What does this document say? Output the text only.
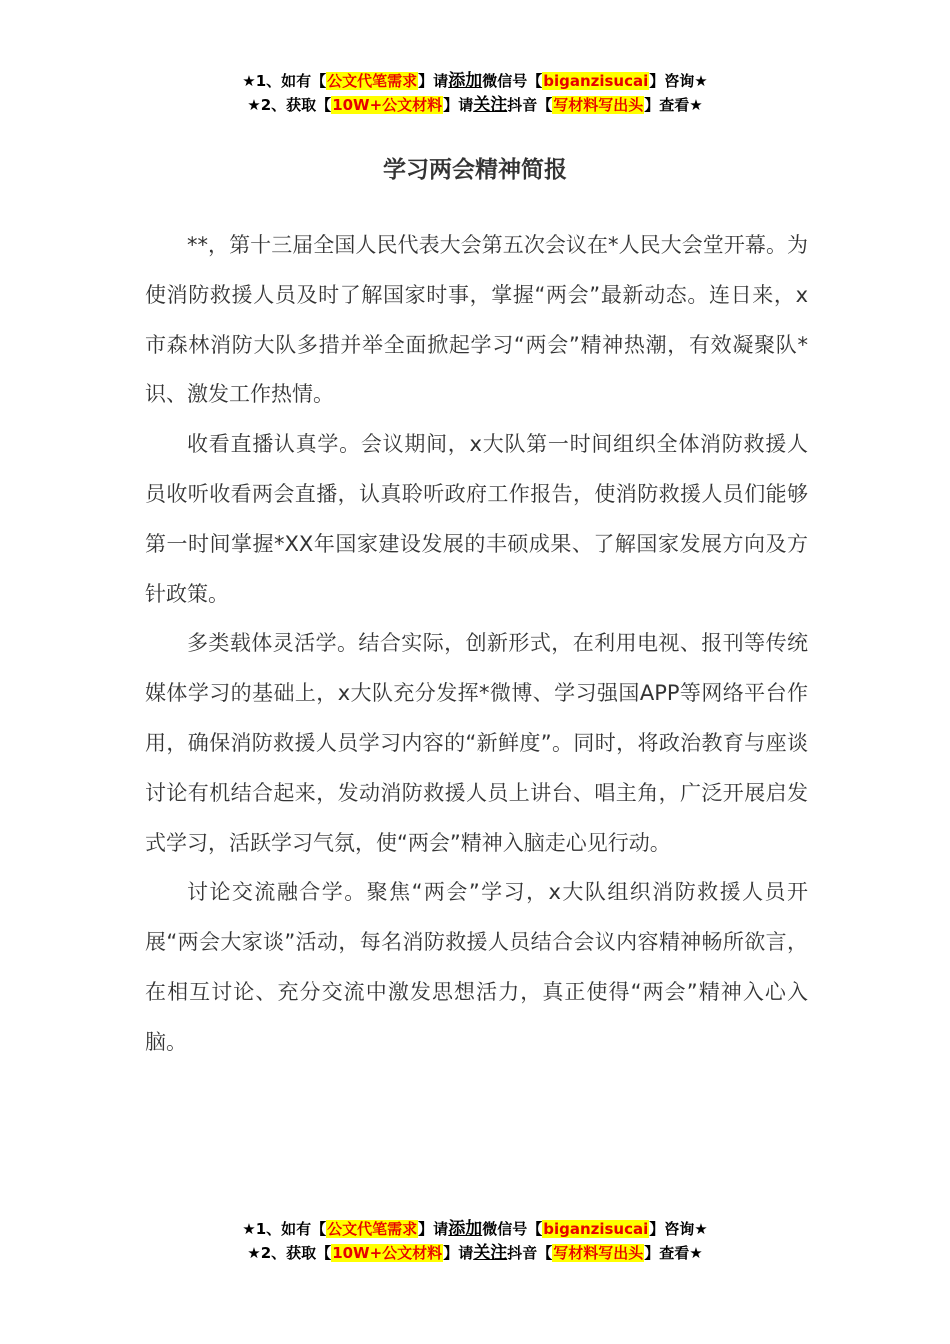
★1、如有【公文代笔需求】请添加微信号【biganzisucai】咨询★
★2、获取【10W+公文材料】请关注抖音【写材料写出头】查看★
学习两会精神简报

**，第十三届全国人民代表大会第五次会议在*人民大会堂开幕。为使消防救援人员及时了解国家时事，掌握“两会”最新动态。连日来，x市森林消防大队多措并举全面掀起学习“两会”精神热潮，有效凝聚队*识、激发工作热情。

收看直播认真学。会议期间，x大队第一时间组织全体消防救援人员收听收看两会直播，认真聆听政府工作报告，使消防救援人员们能够第一时间掌握*XX年国家建设发展的丰硕成果、了解国家发展方向及方针政策。

多类载体灵活学。结合实际，创新形式，在利用电视、报刊等传统媒体学习的基础上，x大队充分发挥*微博、学习强国APP等网络平台作用，确保消防救援人员学习内容的“新鲜度”。同时，将政治教育与座谈讨论有机结合起来，发动消防救援人员上讲台、唱主角，广泛开展启发式学习，活跃学习气氛，使“两会”精神入脑走心见行动。

讨论交流融合学。聚焦“两会”学习，x大队组织消防救援人员开展“两会大家谈”活动，每名消防救援人员结合会议内容精神畅所欲言，在相互讨论、充分交流中激发思想活力，真正使得“两会”精神入心入脑。

★1、如有【公文代笔需求】请添加微信号【biganzisucai】咨询★
★2、获取【10W+公文材料】请关注抖音【写材料写出头】查看★
